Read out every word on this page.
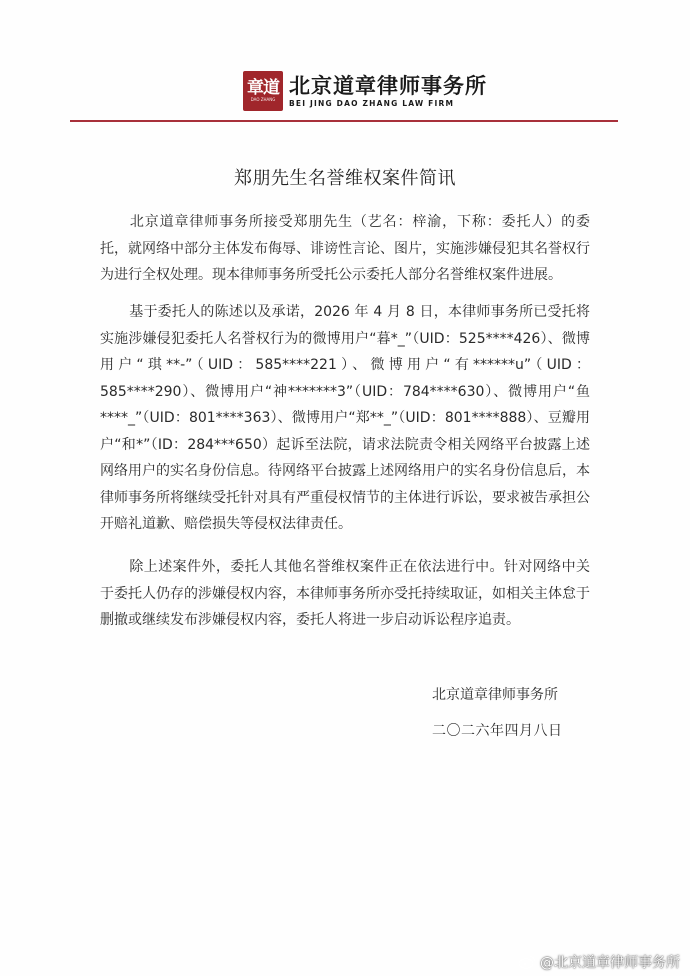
章道
DAO ZHANG
北京道章律师事务所
BEI JING DAO ZHANG LAW FIRM
郑朋先生名誉维权案件简讯
北京道章律师事务所接受郑朋先生（艺名：梓渝，下称：委托人）的委托，就网络中部分主体发布侮辱、诽谤性言论、图片，实施涉嫌侵犯其名誉权行为进行全权处理。现本律师事务所受托公示委托人部分名誉维权案件进展。
基于委托人的陈述以及承诺，2026 年 4 月 8 日，本律师事务所已受托将实施涉嫌侵犯委托人名誉权行为的微博用户“暮*_”（UID：525****426）、微博用户“琪**-”（UID：585****221）、微博用户“有******u”（UID：585****290）、微博用户“神*******3”（UID：784****630）、微博用户“鱼****_”（UID：801****363）、微博用户“郑**_”（UID：801****888）、豆瓣用户“和*”（ID：284***650）起诉至法院，请求法院责令相关网络平台披露上述网络用户的实名身份信息。待网络平台披露上述网络用户的实名身份信息后，本律师事务所将继续受托针对具有严重侵权情节的主体进行诉讼，要求被告承担公开赔礼道歉、赔偿损失等侵权法律责任。
除上述案件外，委托人其他名誉维权案件正在依法进行中。针对网络中关于委托人仍存的涉嫌侵权内容，本律师事务所亦受托持续取证，如相关主体怠于删撤或继续发布涉嫌侵权内容，委托人将进一步启动诉讼程序追责。
北京道章律师事务所
二〇二六年四月八日
@北京道章律师事务所
